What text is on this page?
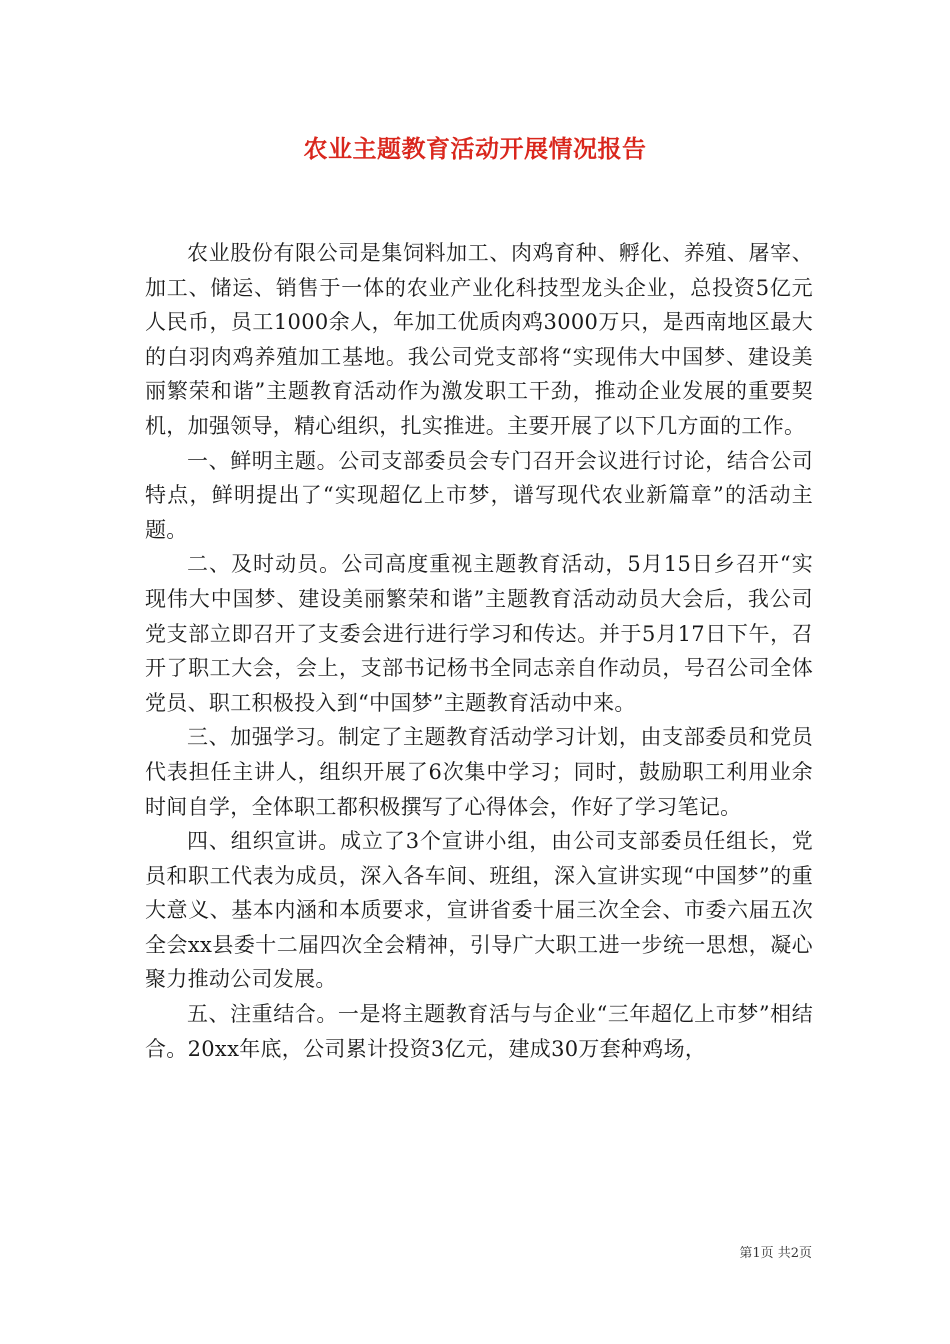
农业主题教育活动开展情况报告

农业股份有限公司是集饲料加工、肉鸡育种、孵化、养殖、屠宰、加工、储运、销售于一体的农业产业化科技型龙头企业，总投资5亿元人民币，员工1000余人，年加工优质肉鸡3000万只，是西南地区最大的白羽肉鸡养殖加工基地。我公司党支部将“实现伟大中国梦、建设美丽繁荣和谐”主题教育活动作为激发职工干劲，推动企业发展的重要契机，加强领导，精心组织，扎实推进。主要开展了以下几方面的工作。

一、鲜明主题。公司支部委员会专门召开会议进行讨论，结合公司特点，鲜明提出了“实现超亿上市梦，谱写现代农业新篇章”的活动主题。

二、及时动员。公司高度重视主题教育活动，5月15日乡召开“实现伟大中国梦、建设美丽繁荣和谐”主题教育活动动员大会后，我公司党支部立即召开了支委会进行进行学习和传达。并于5月17日下午，召开了职工大会，会上，支部书记杨书全同志亲自作动员，号召公司全体党员、职工积极投入到“中国梦”主题教育活动中来。

三、加强学习。制定了主题教育活动学习计划，由支部委员和党员代表担任主讲人，组织开展了6次集中学习；同时，鼓励职工利用业余时间自学，全体职工都积极撰写了心得体会，作好了学习笔记。

四、组织宣讲。成立了3个宣讲小组，由公司支部委员任组长，党员和职工代表为成员，深入各车间、班组，深入宣讲实现“中国梦”的重大意义、基本内涵和本质要求，宣讲省委十届三次全会、市委六届五次全会xx县委十二届四次全会精神，引导广大职工进一步统一思想，凝心聚力推动公司发展。

五、注重结合。一是将主题教育活与与企业“三年超亿上市梦”相结合。20xx年底，公司累计投资3亿元，建成30万套种鸡场，

第1页 共2页
